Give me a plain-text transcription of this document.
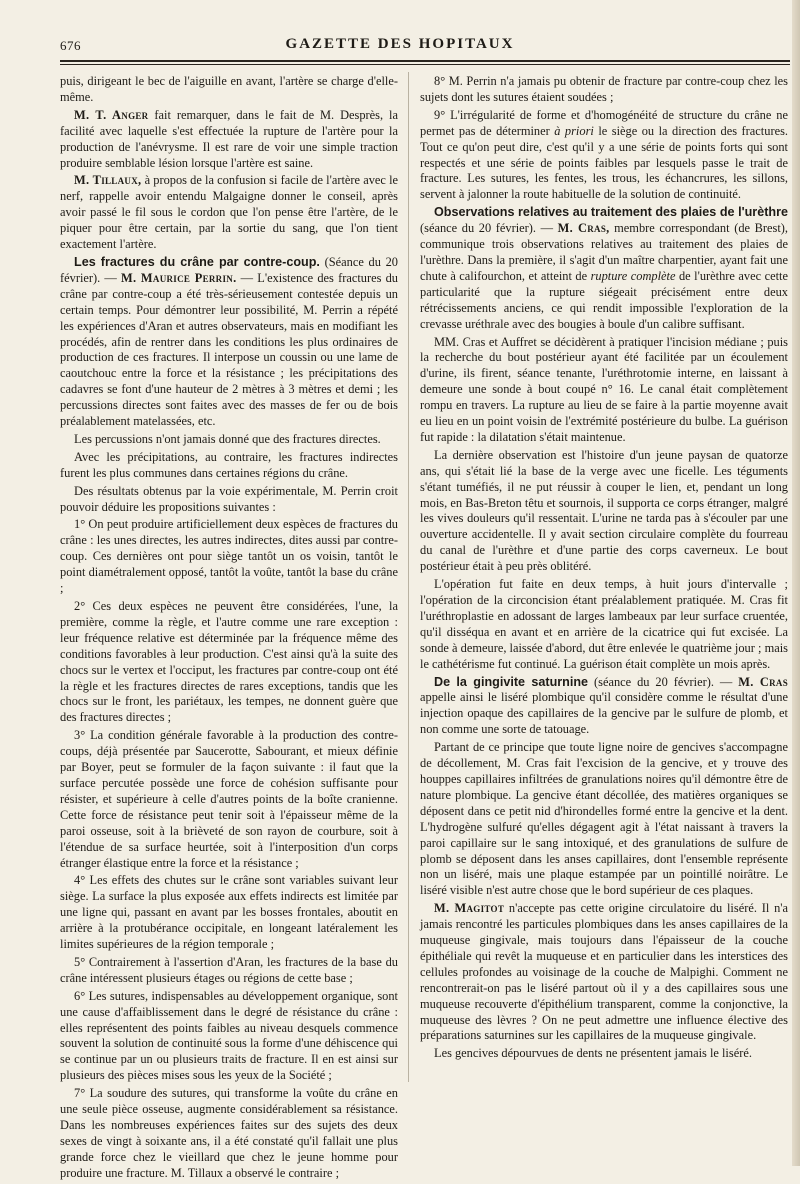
676	GAZETTE DES HOPITAUX

puis, dirigeant le bec de l'aiguille en avant, l'artère se charge d'elle-même.

M. T. Anger fait remarquer, dans le fait de M. Desprès, la facilité avec laquelle s'est effectuée la rupture de l'artère pour la production de l'anévrysme. Il est rare de voir une simple traction produire semblable lésion lorsque l'artère est saine.

M. Tillaux, à propos de la confusion si facile de l'artère avec le nerf, rappelle avoir entendu Malgaigne donner le conseil, après avoir passé le fil sous le cordon que l'on pense être l'artère, de le piquer pour être certain, par la sortie du sang, que l'on tient exactement l'artère.

Les fractures du crâne par contre-coup. (Séance du 20 février). — M. Maurice Perrin. — L'existence des fractures du crâne par contre-coup a été très-sérieusement contestée depuis un certain temps. Pour démontrer leur possibilité, M. Perrin a répété les expériences d'Aran et autres observateurs, mais en modifiant les procédés, afin de rentrer dans les conditions les plus ordinaires de production de ces fractures. Il interpose un coussin ou une lame de caoutchouc entre la force et la résistance ; les précipitations des cadavres se font d'une hauteur de 2 mètres à 3 mètres et demi ; les percussions directes sont faites avec des masses de fer ou de bois préalablement matelassées, etc.

Les percussions n'ont jamais donné que des fractures directes.

Avec les précipitations, au contraire, les fractures indirectes furent les plus communes dans certaines régions du crâne.

Des résultats obtenus par la voie expérimentale, M. Perrin croit pouvoir déduire les propositions suivantes :

1° On peut produire artificiellement deux espèces de fractures du crâne : les unes directes, les autres indirectes, dites aussi par contre-coup. Ces dernières ont pour siège tantôt un os voisin, tantôt le point diamétralement opposé, tantôt la voûte, tantôt la base du crâne ;

2° Ces deux espèces ne peuvent être considérées, l'une, la première, comme la règle, et l'autre comme une rare exception : leur fréquence relative est déterminée par la fréquence même des conditions favorables à leur production. C'est ainsi qu'à la suite des chocs sur le vertex et l'occiput, les fractures par contre-coup ont été la règle et les fractures directes de rares exceptions, tandis que les chocs sur le front, les pariétaux, les tempes, ne donnent guère que des fractures directes ;

3° La condition générale favorable à la production des contre-coups, déjà présentée par Saucerotte, Sabourant, et mieux définie par Boyer, peut se formuler de la façon suivante : il faut que la surface percutée possède une force de cohésion suffisante pour résister, et supérieure à celle d'autres points de la boîte cranienne. Cette force de résistance peut tenir soit à l'épaisseur même de la paroi osseuse, soit à la brièveté de son rayon de courbure, soit à l'étendue de sa surface heurtée, soit à l'interposition d'un corps étranger élastique entre la force et la résistance ;

4° Les effets des chutes sur le crâne sont variables suivant leur siège. La surface la plus exposée aux effets indirects est limitée par une ligne qui, passant en avant par les bosses frontales, aboutit en arrière à la protubérance occipitale, en longeant latéralement les limites supérieures de la région temporale ;

5° Contrairement à l'assertion d'Aran, les fractures de la base du crâne intéressent plusieurs étages ou régions de cette base ;

6° Les sutures, indispensables au développement organique, sont une cause d'affaiblissement dans le degré de résistance du crâne : elles représentent des points faibles au niveau desquels commence souvent la solution de continuité sous la forme d'une déhiscence qui se continue par un ou plusieurs traits de fracture. Il en est ainsi sur plusieurs des pièces mises sous les yeux de la Société ;

7° La soudure des sutures, qui transforme la voûte du crâne en une seule pièce osseuse, augmente considérablement sa résistance. Dans les nombreuses expériences faites sur des sujets des deux sexes de vingt à soixante ans, il a été constaté qu'il fallait une plus grande force chez le vieillard que chez le jeune homme pour produire une fracture. M. Tillaux a observé le contraire ;

8° M. Perrin n'a jamais pu obtenir de fracture par contre-coup chez les sujets dont les sutures étaient soudées ;

9° L'irrégularité de forme et d'homogénéité de structure du crâne ne permet pas de déterminer à priori le siège ou la direction des fractures. Tout ce qu'on peut dire, c'est qu'il y a une série de points forts qui sont respectés et une série de points faibles par lesquels passe le trait de fracture. Les sutures, les fentes, les trous, les échancrures, les sillons, servent à jalonner la route habituelle de la solution de continuité.

Observations relatives au traitement des plaies de l'urèthre (séance du 20 février). — M. Cras, membre correspondant (de Brest), communique trois observations relatives au traitement des plaies de l'urèthre. Dans la première, il s'agit d'un maître charpentier, ayant fait une chute à califourchon, et atteint de rupture complète de l'urèthre avec cette particularité que la rupture siégeait précisément entre deux rétrécissements anciens, ce qui rendit impossible l'exploration de la crevasse uréthrale avec des bougies à boule d'un calibre suffisant.

MM. Cras et Auffret se décidèrent à pratiquer l'incision médiane ; puis la recherche du bout postérieur ayant été facilitée par un écoulement d'urine, ils firent, séance tenante, l'uréthrotomie interne, en laissant à demeure une sonde à bout coupé n° 16. Le canal était complètement rompu en travers. La rupture au lieu de se faire à la partie moyenne avait eu lieu en un point voisin de l'extrémité postérieure du bulbe. La guérison fut rapide : la dilatation s'était maintenue.

La dernière observation est l'histoire d'un jeune paysan de quatorze ans, qui s'était lié la base de la verge avec une ficelle. Les téguments s'étant tuméfiés, il ne put réussir à couper le lien, et, pendant un long mois, en Bas-Breton têtu et sournois, il supporta ce corps étranger, malgré les vives douleurs qu'il ressentait. L'urine ne tarda pas à s'écouler par une ouverture accidentelle. Il y avait section circulaire complète du fourreau du canal de l'urèthre et d'une partie des corps caverneux. Le bout postérieur était à peu près oblitéré.

L'opération fut faite en deux temps, à huit jours d'intervalle ; l'opération de la circoncision étant préalablement pratiquée. M. Cras fit l'uréthroplastie en adossant de larges lambeaux par leur surface cruentée, qu'il disséqua en avant et en arrière de la cicatrice qui fut excisée. La sonde à demeure, laissée d'abord, dut être enlevée le quatrième jour ; mais le cathétérisme fut continué. La guérison était complète un mois après.

De la gingivite saturnine (séance du 20 février). — M. Cras appelle ainsi le liséré plombique qu'il considère comme le résultat d'une injection opaque des capillaires de la gencive par le sulfure de plomb, et non comme une sorte de tatouage.

Partant de ce principe que toute ligne noire de gencives s'accompagne de décollement, M. Cras fait l'excision de la gencive, et y trouve des houppes capillaires infiltrées de granulations noires qu'il démontre être de nature plombique. La gencive étant décollée, des matières organiques se déposent dans ce petit nid d'hirondelles formé entre la gencive et la dent. L'hydrogène sulfuré qu'elles dégagent agit à l'état naissant à travers la paroi capillaire sur le sang intoxiqué, et des granulations de sulfure de plomb se déposent dans les anses capillaires, dont l'ensemble représente non un liséré, mais une plaque estampée par un pointillé noirâtre. Le liséré visible n'est autre chose que le bord supérieur de ces plaques.

M. Magitot n'accepte pas cette origine circulatoire du liséré. Il n'a jamais rencontré les particules plombiques dans les anses capillaires de la muqueuse gingivale, mais toujours dans l'épaisseur de la couche épithéliale qui revêt la muqueuse et en particulier dans les interstices des cellules profondes au voisinage de la couche de Malpighi. Comment ne rencontrerait-on pas le liséré partout où il y a des capillaires sous une muqueuse recouverte d'épithélium transparent, comme la conjonctive, la muqueuse des lèvres ? On ne peut admettre une influence élective des préparations saturnines sur les capillaires de la muqueuse gingivale.

Les gencives dépourvues de dents ne présentent jamais le liséré.
